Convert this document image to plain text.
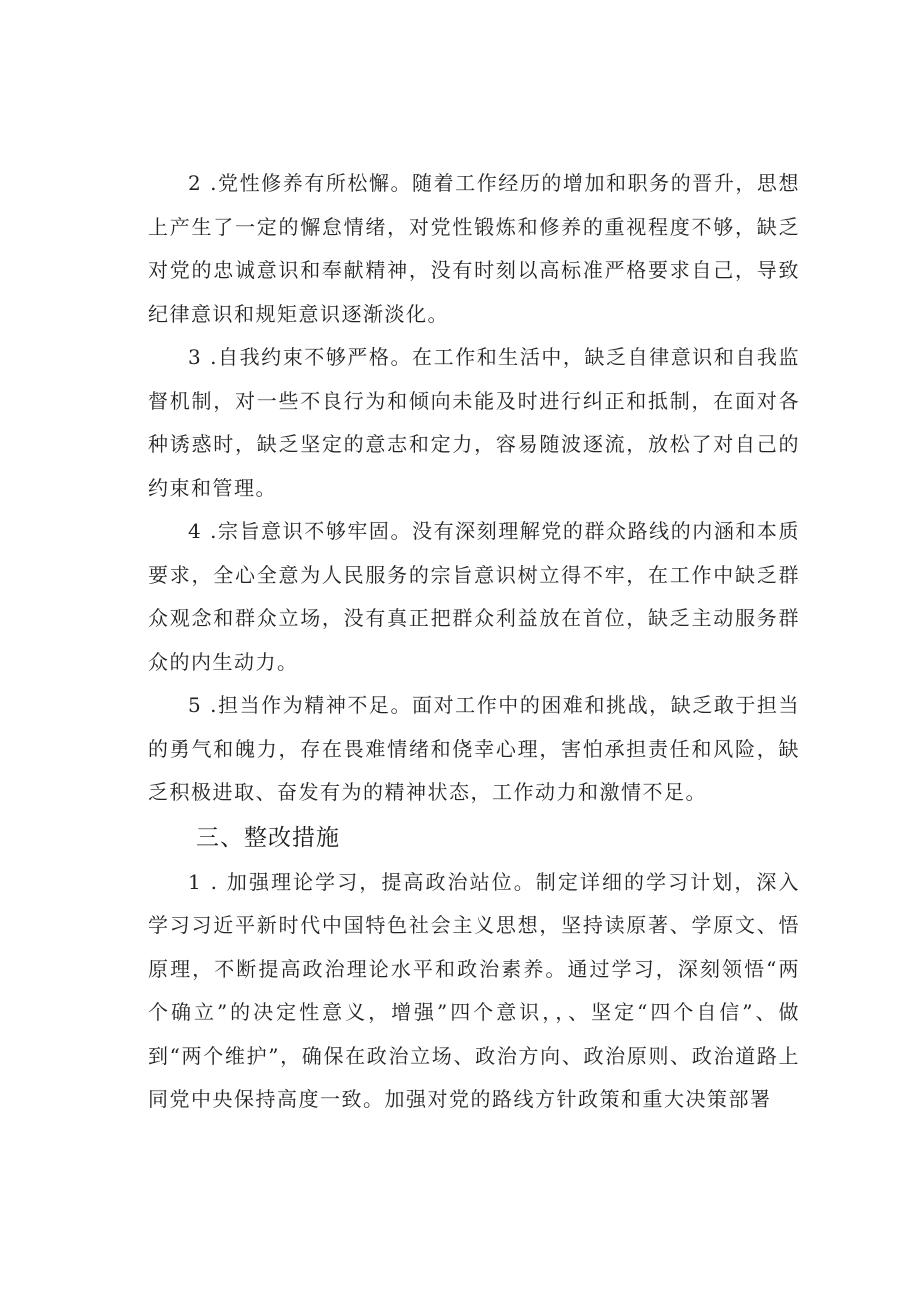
2 .党性修养有所松懈。随着工作经历的增加和职务的晋升，思想上产生了一定的懈怠情绪，对党性锻炼和修养的重视程度不够，缺乏对党的忠诚意识和奉献精神，没有时刻以高标准严格要求自己，导致纪律意识和规矩意识逐渐淡化。

3 .自我约束不够严格。在工作和生活中，缺乏自律意识和自我监督机制，对一些不良行为和倾向未能及时进行纠正和抵制，在面对各种诱惑时，缺乏坚定的意志和定力，容易随波逐流，放松了对自己的约束和管理。

4 .宗旨意识不够牢固。没有深刻理解党的群众路线的内涵和本质要求，全心全意为人民服务的宗旨意识树立得不牢，在工作中缺乏群众观念和群众立场，没有真正把群众利益放在首位，缺乏主动服务群众的内生动力。

5 .担当作为精神不足。面对工作中的困难和挑战，缺乏敢于担当的勇气和魄力，存在畏难情绪和侥幸心理，害怕承担责任和风险，缺乏积极进取、奋发有为的精神状态，工作动力和激情不足。

三、整改措施

1 . 加强理论学习，提高政治站位。制定详细的学习计划，深入学习习近平新时代中国特色社会主义思想，坚持读原著、学原文、悟原理，不断提高政治理论水平和政治素养。通过学习，深刻领悟“两个确立”的决定性意义，增强”四个意识，，、坚定“四个自信”、做到“两个维护”，确保在政治立场、政治方向、政治原则、政治道路上同党中央保持高度一致。加强对党的路线方针政策和重大决策部署
